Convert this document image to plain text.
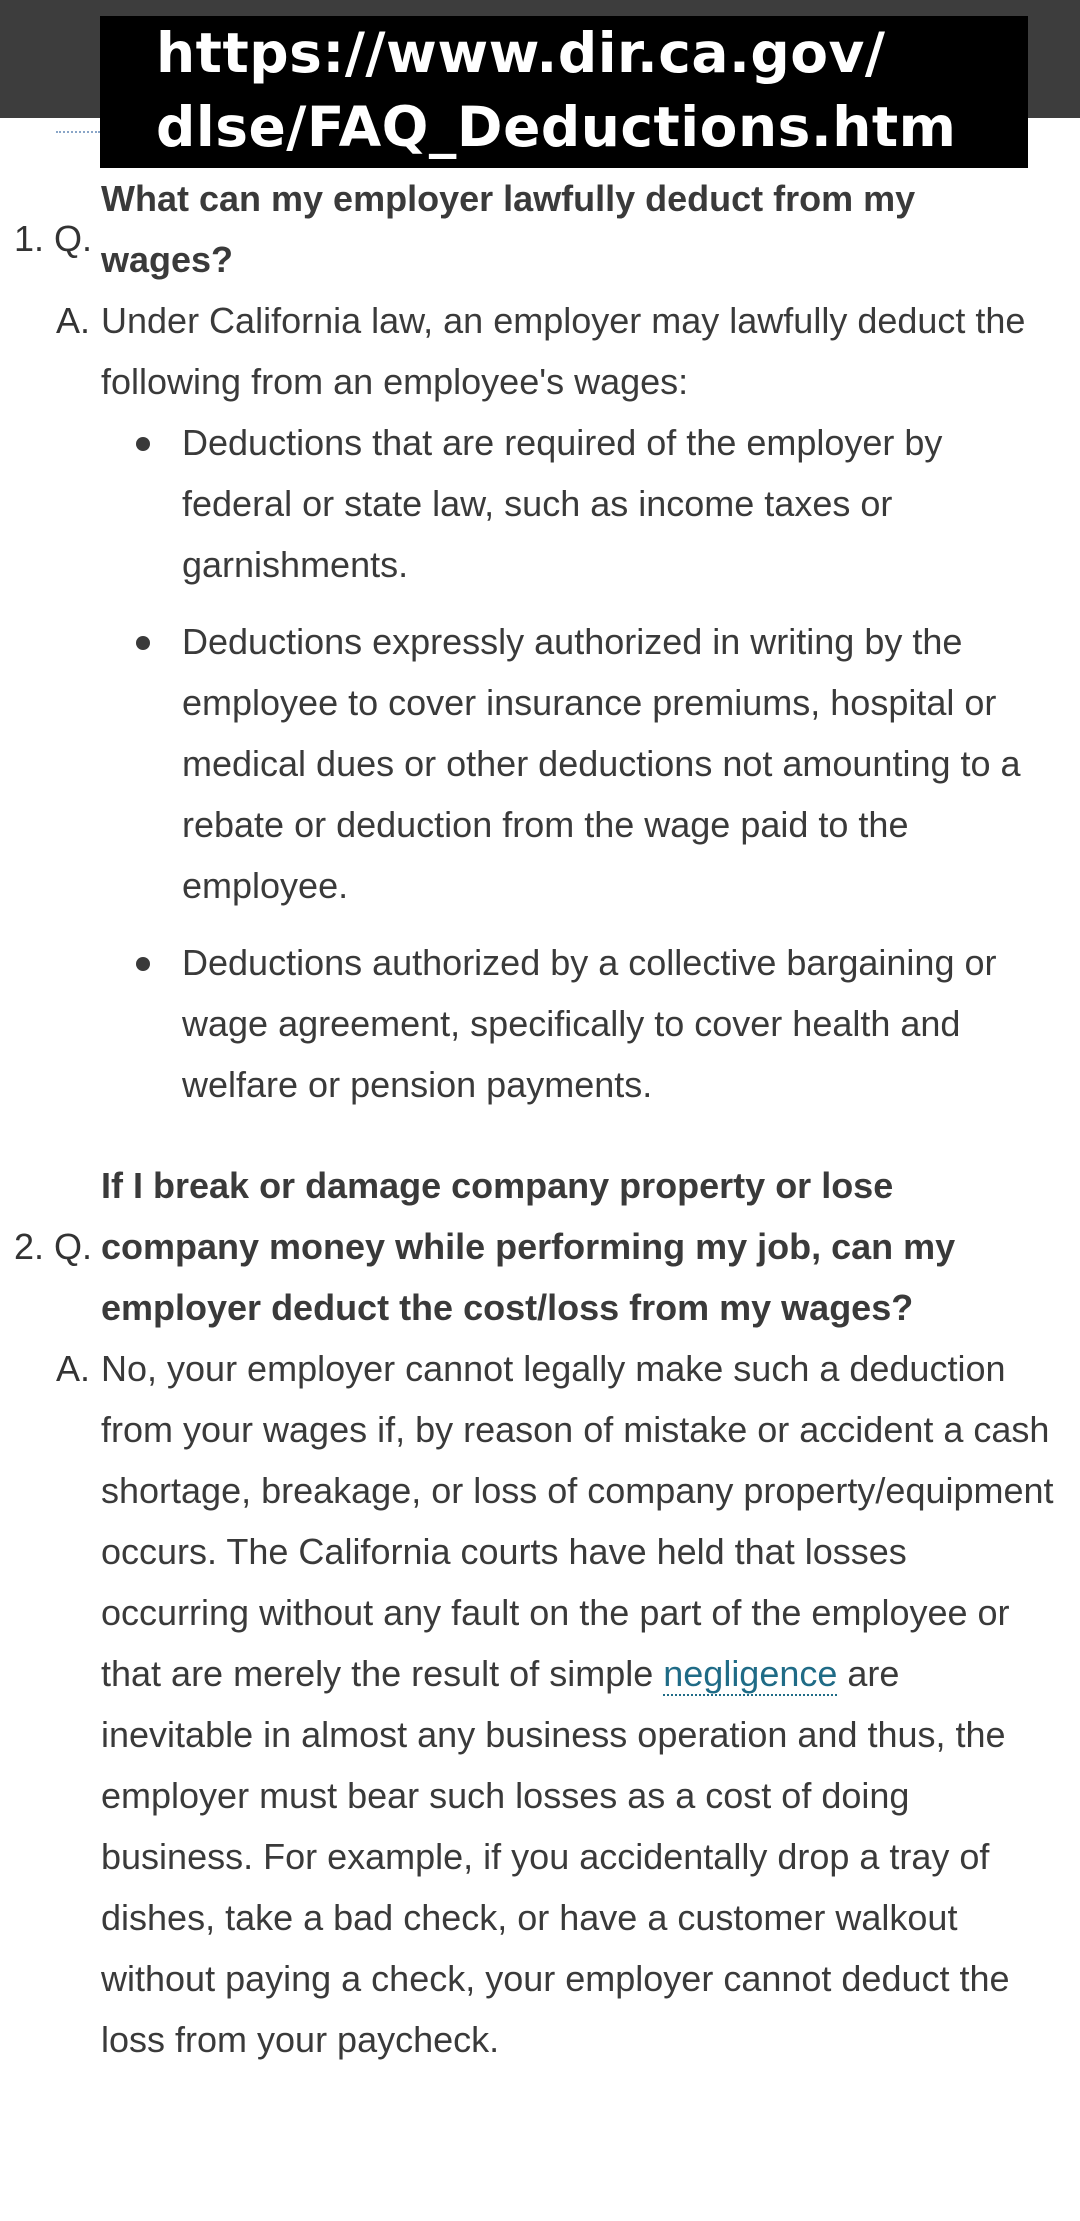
https://www.dir.ca.gov/
dlse/FAQ_Deductions.htm
1. Q.
What can my employer lawfully deduct from my wages?
A. Under California law, an employer may lawfully deduct the following from an employee's wages:
Deductions that are required of the employer by federal or state law, such as income taxes or garnishments.
Deductions expressly authorized in writing by the employee to cover insurance premiums, hospital or medical dues or other deductions not amounting to a rebate or deduction from the wage paid to the employee.
Deductions authorized by a collective bargaining or wage agreement, specifically to cover health and welfare or pension payments.
2. Q.
If I break or damage company property or lose company money while performing my job, can my employer deduct the cost/loss from my wages?
A. No, your employer cannot legally make such a deduction from your wages if, by reason of mistake or accident a cash shortage, breakage, or loss of company property/equipment occurs. The California courts have held that losses occurring without any fault on the part of the employee or that are merely the result of simple negligence are inevitable in almost any business operation and thus, the employer must bear such losses as a cost of doing business. For example, if you accidentally drop a tray of dishes, take a bad check, or have a customer walkout without paying a check, your employer cannot deduct the loss from your paycheck.
